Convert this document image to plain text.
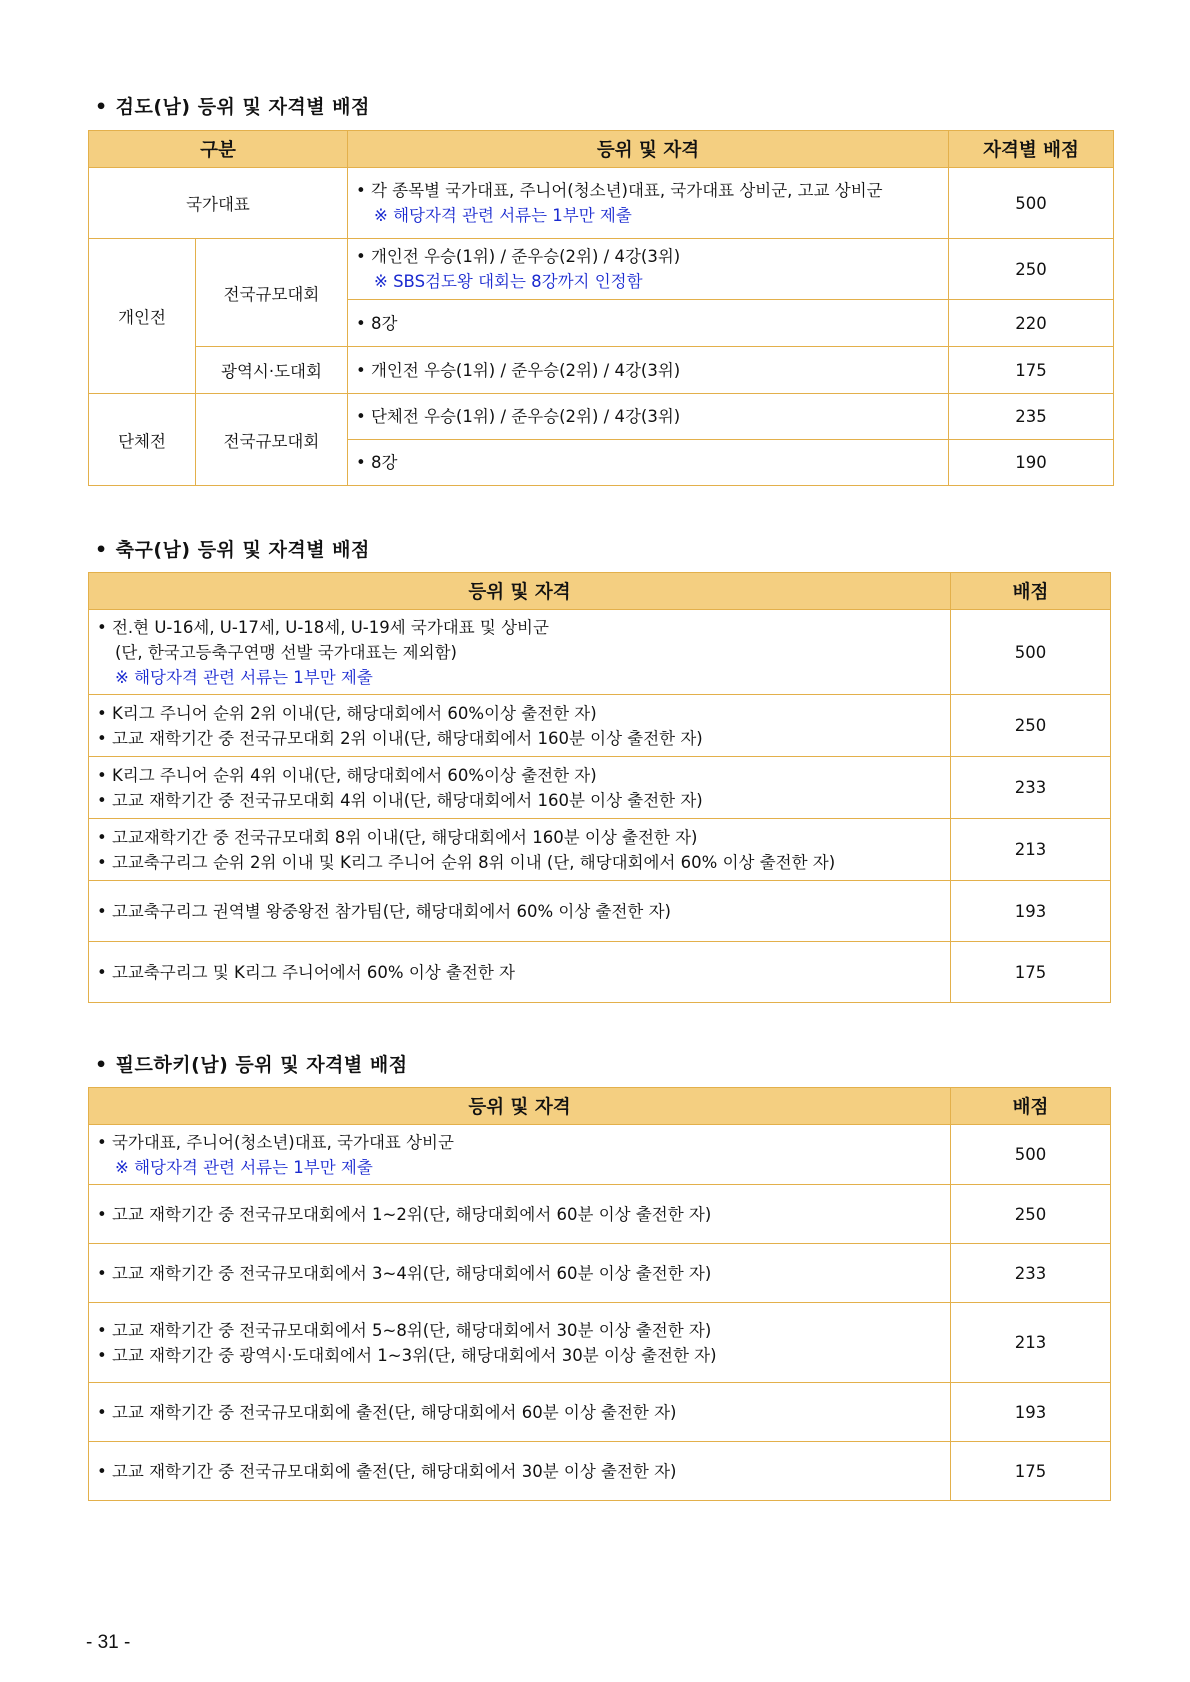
• 검도(남) 등위 및 자격별 배점
구분		등위 및 자격	자격별 배점
국가대표		• 각 종목별 국가대표, 주니어(청소년)대표, 국가대표 상비군, 고교 상비군
※ 해당자격 관련 서류는 1부만 제출	500
개인전	전국규모대회	• 개인전 우승(1위) / 준우승(2위) / 4강(3위)
※ SBS검도왕 대회는 8강까지 인정함	250

		• 8강	220
	광역시·도대회	• 개인전 우승(1위) / 준우승(2위) / 4강(3위)	175
단체전	전국규모대회	• 단체전 우승(1위) / 준우승(2위) / 4강(3위)	235

		• 8강	190
• 축구(남) 등위 및 자격별 배점
등위 및 자격	배점

• 전.현 U-16세, U-17세, U-18세, U-19세 국가대표 및 상비군
(단, 한국고등축구연맹 선발 국가대표는 제외함)
※ 해당자격 관련 서류는 1부만 제출	500

• K리그 주니어 순위 2위 이내(단, 해당대회에서 60%이상 출전한 자)
• 고교 재학기간 중 전국규모대회 2위 이내(단, 해당대회에서 160분 이상 출전한 자)	250

• K리그 주니어 순위 4위 이내(단, 해당대회에서 60%이상 출전한 자)
• 고교 재학기간 중 전국규모대회 4위 이내(단, 해당대회에서 160분 이상 출전한 자)	233

• 고교재학기간 중 전국규모대회 8위 이내(단, 해당대회에서 160분 이상 출전한 자)
• 고교축구리그 순위 2위 이내 및 K리그 주니어 순위 8위 이내 (단, 해당대회에서 60% 이상 출전한 자)	213

• 고교축구리그 권역별 왕중왕전 참가팀(단, 해당대회에서 60% 이상 출전한 자)	193

• 고교축구리그 및 K리그 주니어에서 60% 이상 출전한 자	175
• 필드하키(남) 등위 및 자격별 배점
등위 및 자격	배점

• 국가대표, 주니어(청소년)대표, 국가대표 상비군
※ 해당자격 관련 서류는 1부만 제출	500

• 고교 재학기간 중 전국규모대회에서 1~2위(단, 해당대회에서 60분 이상 출전한 자)	250

• 고교 재학기간 중 전국규모대회에서 3~4위(단, 해당대회에서 60분 이상 출전한 자)	233

• 고교 재학기간 중 전국규모대회에서 5~8위(단, 해당대회에서 30분 이상 출전한 자)
• 고교 재학기간 중 광역시·도대회에서 1~3위(단, 해당대회에서 30분 이상 출전한 자)	213

• 고교 재학기간 중 전국규모대회에 출전(단, 해당대회에서 60분 이상 출전한 자)	193

• 고교 재학기간 중 전국규모대회에 출전(단, 해당대회에서 30분 이상 출전한 자)	175
- 31 -
